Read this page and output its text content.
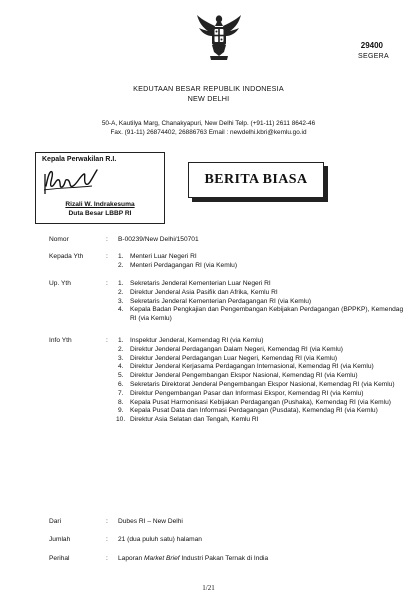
29400
SEGERA
KEDUTAAN BESAR REPUBLIK INDONESIA
NEW DELHI
50-A, Kautilya Marg, Chanakyapuri, New Delhi Telp. (+91-11) 2611 8642-46
Fax. (91-11) 26874402, 26886763 Email : newdelhi.kbri@kemlu.go.id
Kepala Perwakilan R.I.
Rizali W. Indrakesuma
Duta Besar LBBP RI
BERITA BIASA
Nomor	: B-00239/New Delhi/150701
Kepada Yth	: 1. Menteri Luar Negeri RI
2. Menteri Perdagangan RI (via Kemlu)
Up. Yth	: 1. Sekretaris Jenderal Kementerian Luar Negeri RI
2. Direktur Jenderal Asia Pasifik dan Afrika, Kemlu RI
3. Sekretaris Jenderal Kementerian Perdagangan RI (via Kemlu)
4. Kepala Badan Pengkajian dan Pengembangan Kebijakan Perdagangan (BPPKP), Kemendag RI (via Kemlu)
Info Yth	: 1. Inspektur Jenderal, Kemendag RI (via Kemlu)
2. Direktur Jenderal Perdagangan Dalam Negeri, Kemendag RI (via Kemlu)
3. Direktur Jenderal Perdagangan Luar Negeri, Kemendag RI (via Kemlu)
4. Direktur Jenderal Kerjasama Perdagangan Internasional, Kemendag RI (via Kemlu)
5. Direktur Jenderal Pengembangan Ekspor Nasional, Kemendag RI (via Kemlu)
6. Sekretaris Direktorat Jenderal Pengembangan Ekspor Nasional, Kemendag RI (via Kemlu)
7. Direktur Pengembangan Pasar dan Informasi Ekspor, Kemendag RI (via Kemlu)
8. Kepala Pusat Harmonisasi Kebijakan Perdagangan (Pushaka), Kemendag RI (via Kemlu)
9. Kepala Pusat Data dan Informasi Perdagangan (Pusdata), Kemendag RI (via Kemlu)
10. Direktur Asia Selatan dan Tengah, Kemlu RI
Dari	: Dubes RI – New Delhi
Jumlah	: 21 (dua puluh satu) halaman
Perihal	: Laporan Market Brief Industri Pakan Ternak di India
1/21
